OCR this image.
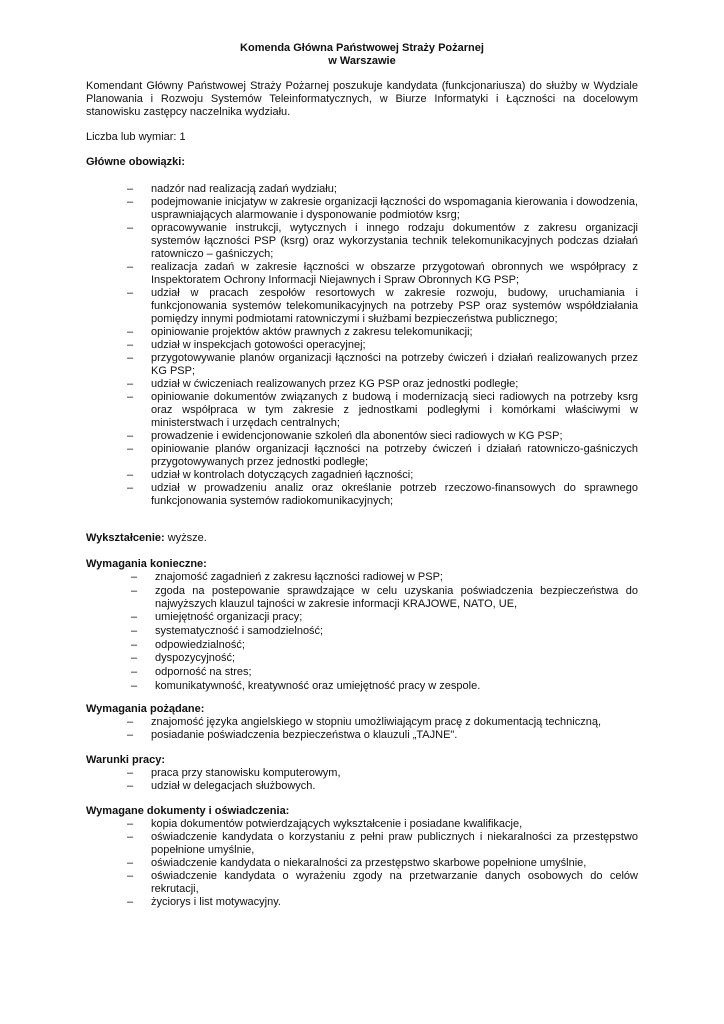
Komenda Główna Państwowej Straży Pożarnej
w Warszawie
Komendant Główny Państwowej Straży Pożarnej poszukuje kandydata (funkcjonariusza) do służby w Wydziale Planowania i Rozwoju Systemów Teleinformatycznych, w Biurze Informatyki i Łączności na docelowym stanowisku zastępcy naczelnika wydziału.
Liczba lub wymiar: 1
Główne obowiązki:
– nadzór nad realizacją zadań wydziału;
– podejmowanie inicjatyw w zakresie organizacji łączności do wspomagania kierowania i dowodzenia, usprawniających alarmowanie i dysponowanie podmiotów ksrg;
– opracowywanie instrukcji, wytycznych i innego rodzaju dokumentów z zakresu organizacji systemów łączności PSP (ksrg) oraz wykorzystania technik telekomunikacyjnych podczas działań ratowniczo – gaśniczych;
– realizacja zadań w zakresie łączności w obszarze przygotowań obronnych we współpracy z Inspektoratem Ochrony Informacji Niejawnych i Spraw Obronnych KG PSP;
– udział w pracach zespołów resortowych w zakresie rozwoju, budowy, uruchamiania i funkcjonowania systemów telekomunikacyjnych na potrzeby PSP oraz systemów współdziałania pomiędzy innymi podmiotami ratowniczymi i służbami bezpieczeństwa publicznego;
– opiniowanie projektów aktów prawnych z zakresu telekomunikacji;
– udział w inspekcjach gotowości operacyjnej;
– przygotowywanie planów organizacji łączności na potrzeby ćwiczeń i działań realizowanych przez KG PSP;
– udział w ćwiczeniach realizowanych przez KG PSP oraz jednostki podległe;
– opiniowanie dokumentów związanych z budową i modernizacją sieci radiowych na potrzeby ksrg oraz współpraca w tym zakresie z jednostkami podległymi i komórkami właściwymi w ministerstwach i urzędach centralnych;
– prowadzenie i ewidencjonowanie szkoleń dla abonentów sieci radiowych w KG PSP;
– opiniowanie planów organizacji łączności na potrzeby ćwiczeń i działań ratowniczo-gaśniczych przygotowywanych przez jednostki podległe;
– udział w kontrolach dotyczących zagadnień łączności;
– udział w prowadzeniu analiz oraz określanie potrzeb rzeczowo-finansowych do sprawnego funkcjonowania systemów radiokomunikacyjnych;
Wykształcenie: wyższe.
Wymagania konieczne:
– znajomość zagadnień z zakresu łączności radiowej w PSP;
– zgoda na postepowanie sprawdzające w celu uzyskania poświadczenia bezpieczeństwa do najwyższych klauzul tajności w zakresie informacji KRAJOWE, NATO, UE,
– umiejętność organizacji pracy;
– systematyczność i samodzielność;
– odpowiedzialność;
– dyspozycyjność;
– odporność na stres;
– komunikatywność, kreatywność oraz umiejętność pracy w zespole.
Wymagania pożądane:
– znajomość języka angielskiego w stopniu umożliwiającym pracę z dokumentacją techniczną,
– posiadanie poświadczenia bezpieczeństwa o klauzuli „TAJNE".
Warunki pracy:
– praca przy stanowisku komputerowym,
– udział w delegacjach służbowych.
Wymagane dokumenty i oświadczenia:
– kopia dokumentów potwierdzających wykształcenie i posiadane kwalifikacje,
– oświadczenie kandydata o korzystaniu z pełni praw publicznych i niekaralności za przestępstwo popełnione umyślnie,
– oświadczenie kandydata o niekaralności za przestępstwo skarbowe popełnione umyślnie,
– oświadczenie kandydata o wyrażeniu zgody na przetwarzanie danych osobowych do celów rekrutacji,
– życiorys i list motywacyjny.
